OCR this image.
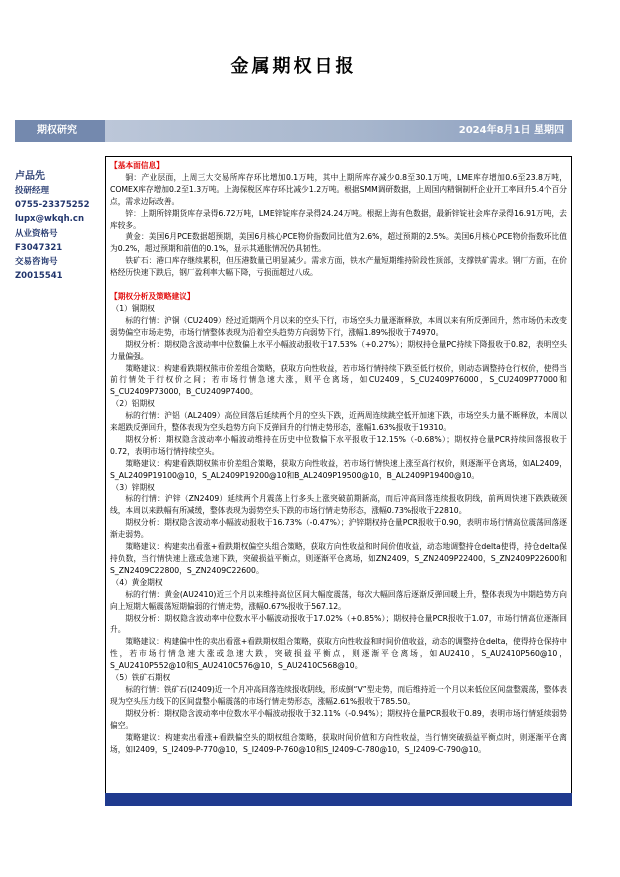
金属期权日报
期权研究	2024年8月1日 星期四
卢品先
投研经理
0755-23375252
lupx@wkqh.cn
从业资格号
F3047321
交易咨询号
Z0015541
【基本面信息】

铜：产业层面，上周三大交易所库存环比增加0.1万吨，其中上期所库存减少0.8至30.1万吨，LME库存增加0.6至23.8万吨，COMEX库存增加0.2至1.3万吨。上海保税区库存环比减少1.2万吨。根据SMM调研数据，上周国内精铜制杆企业开工率回升5.4个百分点，需求边际改善。

锌：上期所锌期货库存录得6.72万吨，LME锌锭库存录得24.24万吨。根据上海有色数据，最新锌锭社会库存录得16.91万吨，去库较多。

黄金：美国6月PCE数据超预期，美国6月核心PCE物价指数同比值为2.6%，超过预期的2.5%。美国6月核心PCE物价指数环比值为0.2%，超过预期和前值的0.1%，显示其通胀情况仍具韧性。

铁矿石：港口库存继续累积，但压港数量已明显减少。需求方面，铁水产量短期维持阶段性顶部，支撑铁矿需求。钢厂方面，在价格经历快速下跌后，钢厂盈利率大幅下降，亏损面超过八成。

【期权分析及策略建议】
（1）铜期权

标的行情：沪铜（CU2409）经过近期两个月以来的空头下行，市场空头力量逐渐释放，本周以来有所反弹回升，然市场仍未改变弱势偏空市场走势，市场行情整体表现为沿着空头趋势方向弱势下行，涨幅1.89%报收于74970。

期权分析：期权隐含波动率中位数偏上水平小幅波动报收于17.53%（+0.27%）；期权持仓量PC持续下降报收于0.82，表明空头力量偏强。

策略建议：构建看跌期权熊市价差组合策略，获取方向性收益，若市场行情持续下跌至低行权价，则动态调整持仓行权价，使得当前行情处于行权价之间；若市场行情急速大涨，则平仓离场，如CU2409，S_CU2409P76000，S_CU2409P77000和S_CU2409P73000，B_CU2409P7400。

（2）铝期权

标的行情：沪铝（AL2409）高位回落后延续两个月的空头下跌，近两周连续跳空低开加速下跌，市场空头力量不断释放，本周以来超跌反弹回升，整体表现为空头趋势方向下反弹回升的行情走势形态，涨幅1.63%报收于19310。

期权分析：期权隐含波动率小幅波动维持在历史中位数偏下水平报收于12.15%（-0.68%）；期权持仓量PCR持续回落报收于0.72，表明市场行情持续空头。

策略建议：构建看跌期权熊市价差组合策略，获取方向性收益，若市场行情快速上涨至高行权价，则逐渐平仓离场，如AL2409，S_AL2409P19100@10，S_AL2409P19200@10和B_AL2409P19500@10，B_AL2409P19400@10。

（3）锌期权

标的行情：沪锌（ZN2409）延续两个月震荡上行多头上涨突破前期新高，而后冲高回落连续报收阴线，前两周快速下跌跌破颈线，本周以来跌幅有所减缓，整体表现为弱势空头下跌的市场行情走势形态，涨幅0.73%报收于22810。

期权分析：期权隐含波动率小幅波动报收于16.73%（-0.47%）；沪锌期权持仓量PCR报收于0.90，表明市场行情高位震荡回落逐渐走弱势。

策略建议：构建卖出看涨+看跌期权偏空头组合策略，获取方向性收益和时间价值收益，动态地调整持仓delta使得，持仓delta保持负数，当行情快速上涨或急速下跌，突破损益平衡点，则逐渐平仓离场，如ZN2409，S_ZN2409P22400，S_ZN2409P22600和S_ZN2409C22800，S_ZN2409C22600。

（4）黄金期权

标的行情：黄金(AU2410)近三个月以来维持高位区间大幅度震荡，每次大幅回落后逐渐反弹回暖上升，整体表现为中期趋势方向向上短期大幅震荡短期偏弱的行情走势，涨幅0.67%报收于567.12。

期权分析：期权隐含波动率中位数水平小幅波动报收于17.02%（+0.85%）；期权持仓量PCR报收于1.07，市场行情高位逐渐回升。

策略建议：构建偏中性的卖出看涨+看跌期权组合策略，获取方向性收益和时间价值收益，动态的调整持仓delta，使得持仓保持中性，若市场行情急速大涨或急速大跌，突破损益平衡点，则逐渐平仓离场，如AU2410，S_AU2410P560@10，S_AU2410P552@10和S_AU2410C576@10，S_AU2410C568@10。

（5）铁矿石期权

标的行情：铁矿石(I2409)近一个月冲高回落连续报收阴线，形成倒“V”型走势，而后维持近一个月以来低位区间盘整震荡，整体表现为空头压力线下的区间盘整小幅震荡的市场行情走势形态，涨幅2.61%报收于785.50。

期权分析：期权隐含波动率中位数水平小幅波动报收于32.11%（-0.94%）；期权持仓量PCR报收于0.89，表明市场行情延续弱势偏空。

策略建议：构建卖出看涨+看跌偏空头的期权组合策略，获取时间价值和方向性收益，当行情突破损益平衡点时，则逐渐平仓离场，如I2409，S_I2409-P-770@10，S_I2409-P-760@10和S_I2409-C-780@10，S_I2409-C-790@10。
